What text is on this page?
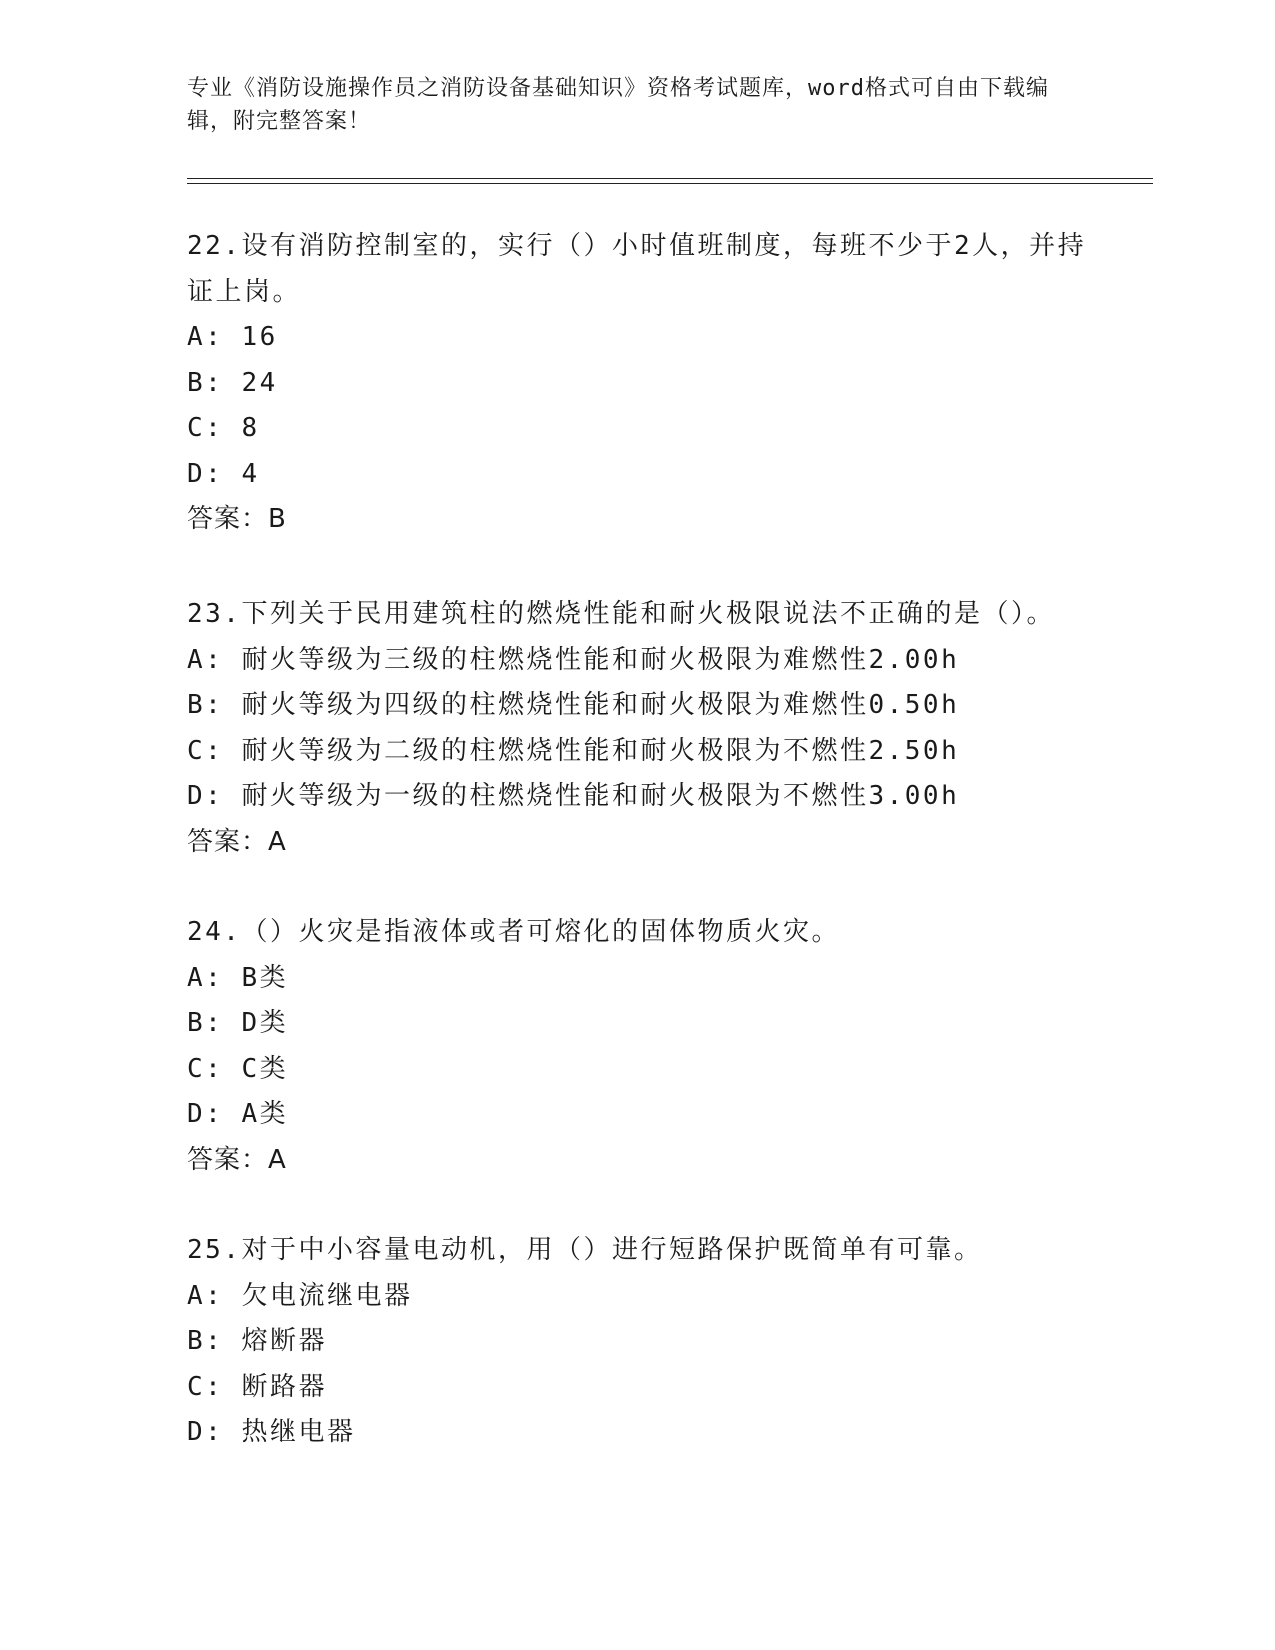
专业《消防设施操作员之消防设备基础知识》资格考试题库，word格式可自由下载编辑，附完整答案！
22.设有消防控制室的，实行（）小时值班制度，每班不少于2人，并持证上岗。
A: 16
B: 24
C: 8
D: 4
答案：B
23.下列关于民用建筑柱的燃烧性能和耐火极限说法不正确的是（）。
A: 耐火等级为三级的柱燃烧性能和耐火极限为难燃性2.00h
B: 耐火等级为四级的柱燃烧性能和耐火极限为难燃性0.50h
C: 耐火等级为二级的柱燃烧性能和耐火极限为不燃性2.50h
D: 耐火等级为一级的柱燃烧性能和耐火极限为不燃性3.00h
答案：A
24.（）火灾是指液体或者可熔化的固体物质火灾。
A: B类
B: D类
C: C类
D: A类
答案：A
25.对于中小容量电动机，用（）进行短路保护既简单有可靠。
A: 欠电流继电器
B: 熔断器
C: 断路器
D: 热继电器
